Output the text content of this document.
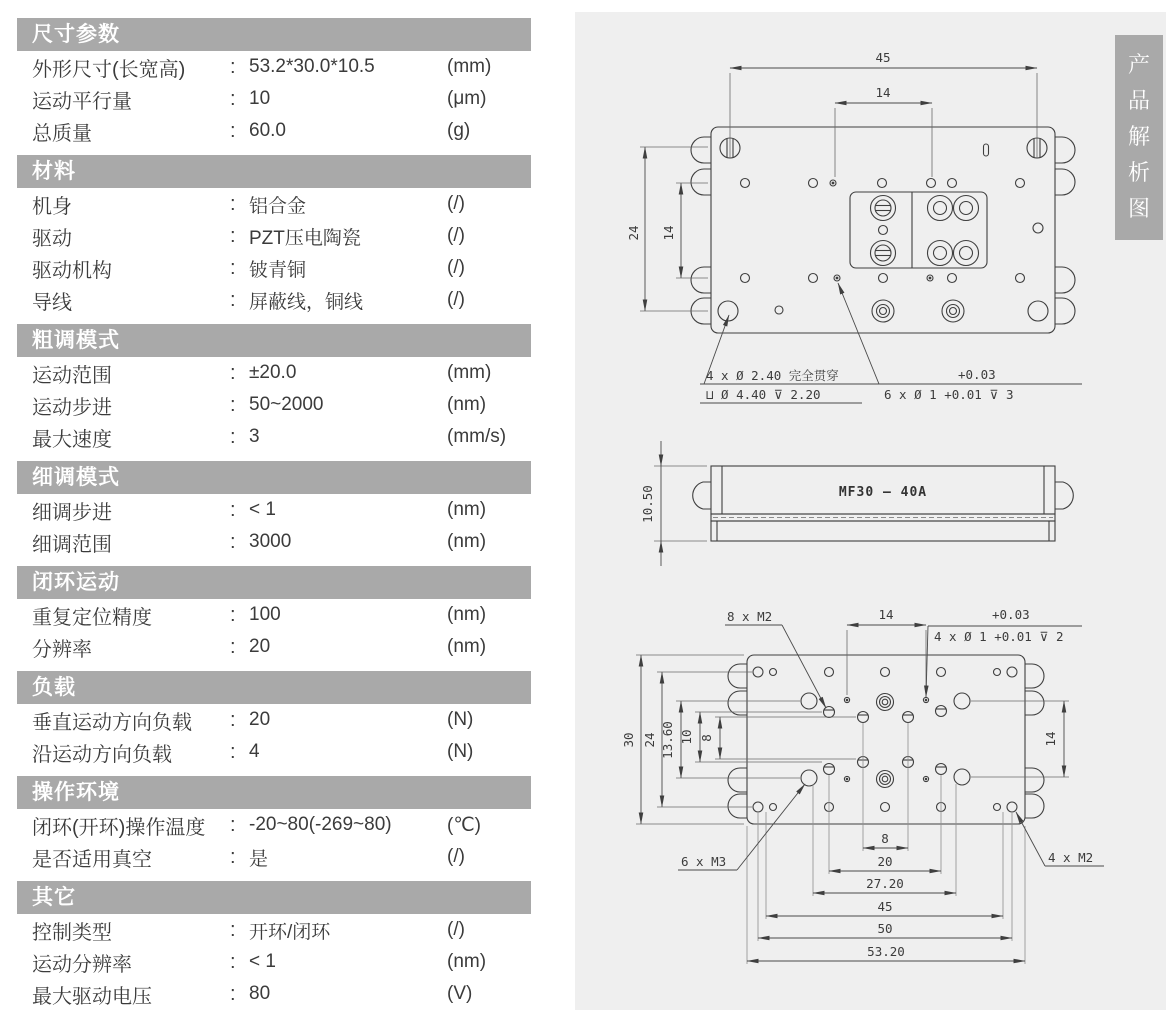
尺寸参数
外形尺寸(长宽高)	: 53.2*30.0*10.5	(mm)
运动平行量	: 10	(μm)
总质量	: 60.0	(g)
材料
机身	: 铝合金	(/)
驱动	: PZT压电陶瓷	(/)
驱动机构	: 铍青铜	(/)
导线	: 屏蔽线，铜线	(/)
粗调模式
运动范围	: ±20.0	(mm)
运动步进	: 50~2000	(nm)
最大速度	: 3	(mm/s)
细调模式
细调步进	: < 1	(nm)
细调范围	: 3000	(nm)
闭环运动
重复定位精度	: 100	(nm)
分辨率	: 20	(nm)
负载
垂直运动方向负载	: 20	(N)
沿运动方向负载	: 4	(N)
操作环境
闭环(开环)操作温度	: -20~80(-269~80)	(℃)
是否适用真空	: 是	(/)
其它
控制类型	: 开环/闭环	(/)
运动分辨率	: < 1	(nm)
最大驱动电压	: 80	(V)
45
14
24 14
4 x Ø 2.40 完全贯穿
⊔ Ø 4.40 ⊽ 2.20
+0.03
6 x Ø 1 +0.01 ⊽ 3
MF30 — 40A
10.50
14
8 x M2	+0.03
4 x Ø 1 +0.01 ⊽ 2
30 24 13.60 10 8	14
8
20
27.20
45
50
53.20
6 x M3	4 x M2
产品解析图
